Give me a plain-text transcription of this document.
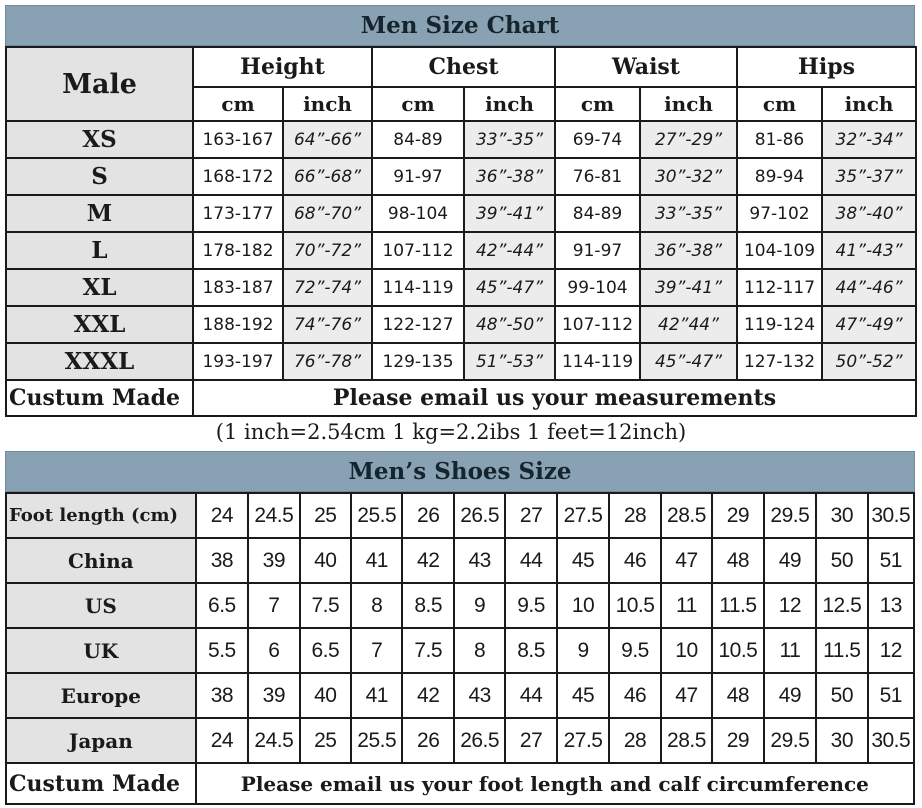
Men Size Chart
Male	Height		Chest		Waist		Hips	
	cm	inch	cm	inch	cm	inch	cm	inch
XS	163-167	64”-66”	84-89	33”-35”	69-74	27”-29”	81-86	32”-34”
S	168-172	66”-68”	91-97	36”-38”	76-81	30”-32”	89-94	35”-37”
M	173-177	68”-70”	98-104	39”-41”	84-89	33”-35”	97-102	38”-40”
L	178-182	70”-72”	107-112	42”-44”	91-97	36”-38”	104-109	41”-43”
XL	183-187	72”-74”	114-119	45”-47”	99-104	39”-41”	112-117	44”-46”
XXL	188-192	74”-76”	122-127	48”-50”	107-112	42”44”	119-124	47”-49”
XXXL	193-197	76”-78”	129-135	51”-53”	114-119	45”-47”	127-132	50”-52”
Custum Made	Please email us your measurements							
(1 inch=2.54cm 1 kg=2.2ibs 1 feet=12inch)
Men’s Shoes Size
Foot length (cm)	24	24.5	25	25.5	26	26.5	27	27.5	28	28.5	29	29.5	30	30.5
China	38	39	40	41	42	43	44	45	46	47	48	49	50	51
US	6.5	7	7.5	8	8.5	9	9.5	10	10.5	11	11.5	12	12.5	13
UK	5.5	6	6.5	7	7.5	8	8.5	9	9.5	10	10.5	11	11.5	12
Europe	38	39	40	41	42	43	44	45	46	47	48	49	50	51
Japan	24	24.5	25	25.5	26	26.5	27	27.5	28	28.5	29	29.5	30	30.5
Custum Made	Please email us your foot length and calf circumference													
